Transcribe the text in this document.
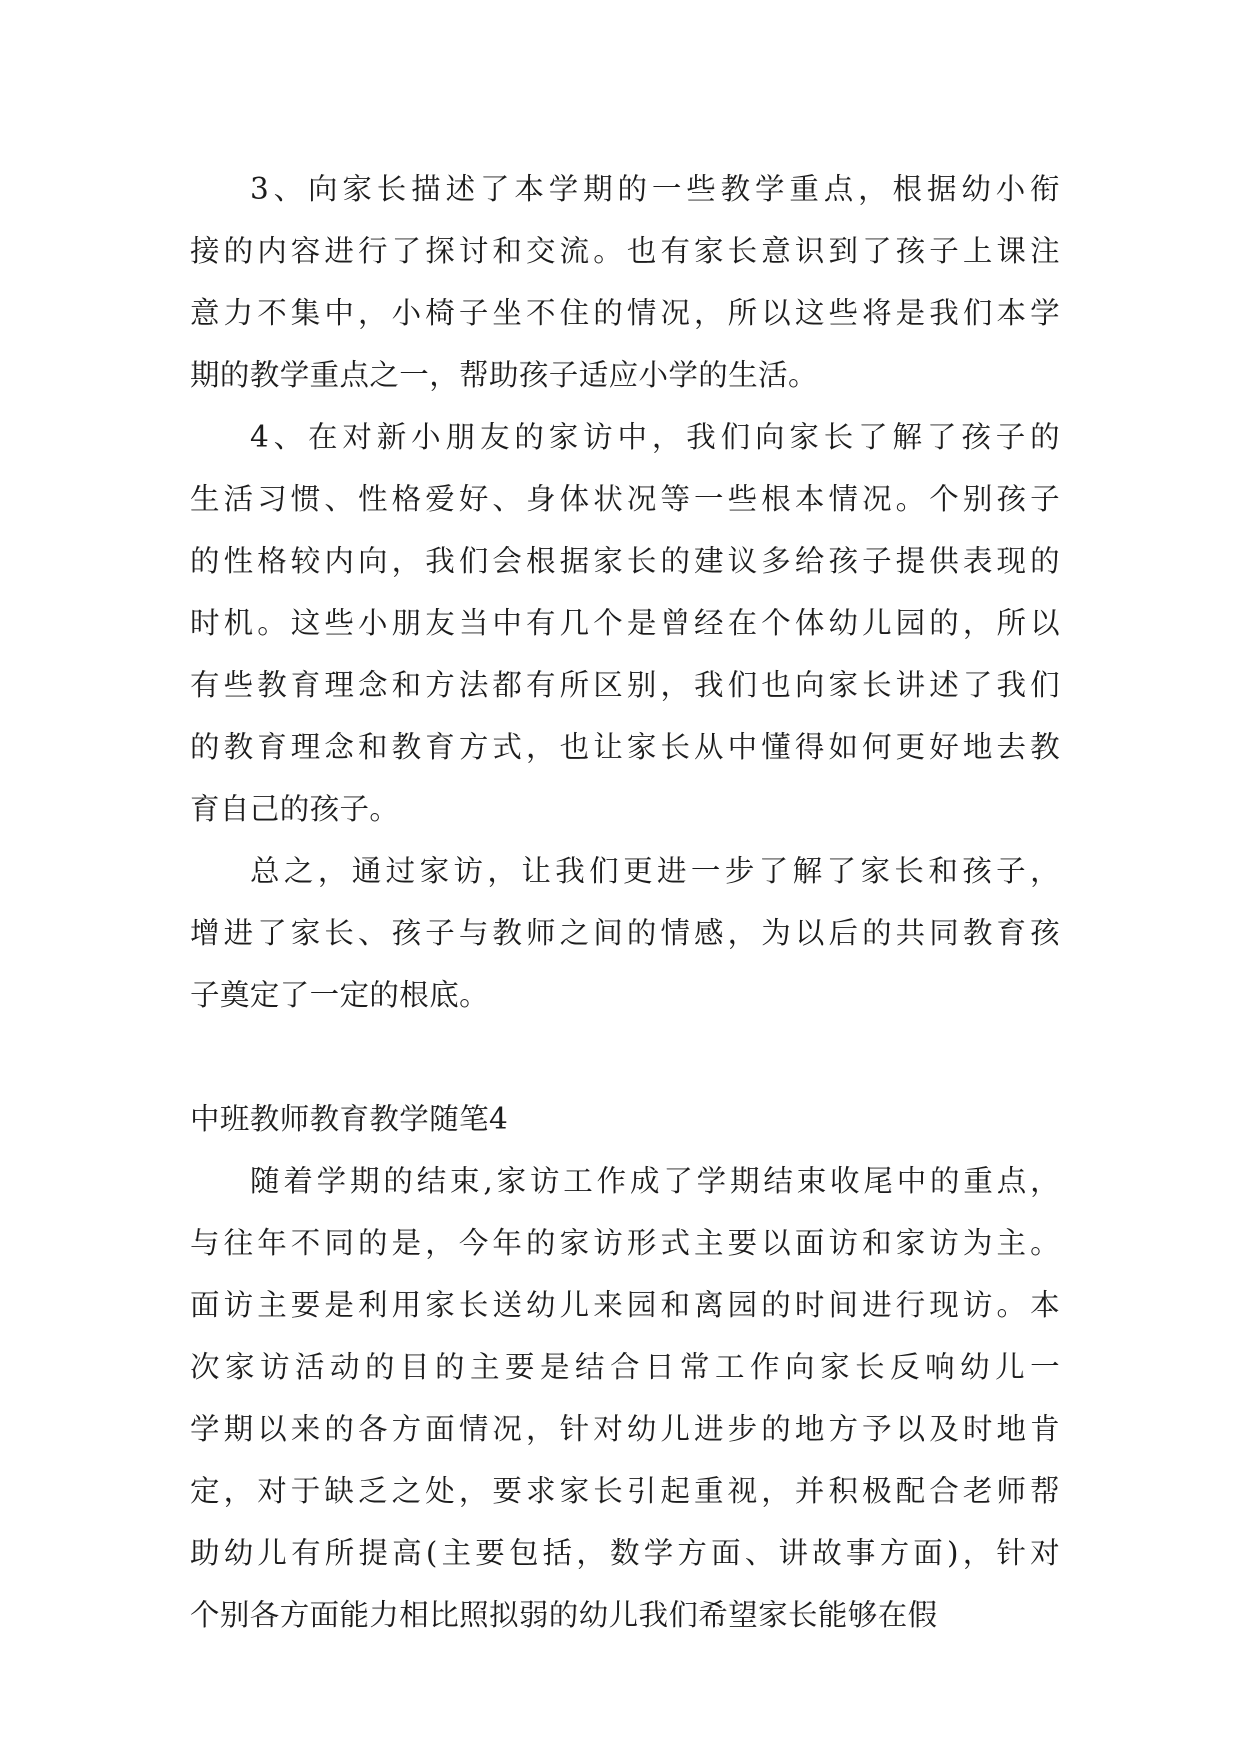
3、向家长描述了本学期的一些教学重点，根据幼小衔
接的内容进行了探讨和交流。也有家长意识到了孩子上课注
意力不集中，小椅子坐不住的情况，所以这些将是我们本学
期的教学重点之一，帮助孩子适应小学的生活。
4、在对新小朋友的家访中，我们向家长了解了孩子的
生活习惯、性格爱好、身体状况等一些根本情况。个别孩子
的性格较内向，我们会根据家长的建议多给孩子提供表现的
时机。这些小朋友当中有几个是曾经在个体幼儿园的，所以
有些教育理念和方法都有所区别，我们也向家长讲述了我们
的教育理念和教育方式，也让家长从中懂得如何更好地去教
育自己的孩子。
总之，通过家访，让我们更进一步了解了家长和孩子，
增进了家长、孩子与教师之间的情感，为以后的共同教育孩
子奠定了一定的根底。
中班教师教育教学随笔4
随着学期的结束,家访工作成了学期结束收尾中的重点，
与往年不同的是，今年的家访形式主要以面访和家访为主。
面访主要是利用家长送幼儿来园和离园的时间进行现访。本
次家访活动的目的主要是结合日常工作向家长反响幼儿一
学期以来的各方面情况，针对幼儿进步的地方予以及时地肯
定，对于缺乏之处，要求家长引起重视，并积极配合老师帮
助幼儿有所提高(主要包括，数学方面、讲故事方面)，针对
个别各方面能力相比照拟弱的幼儿我们希望家长能够在假
